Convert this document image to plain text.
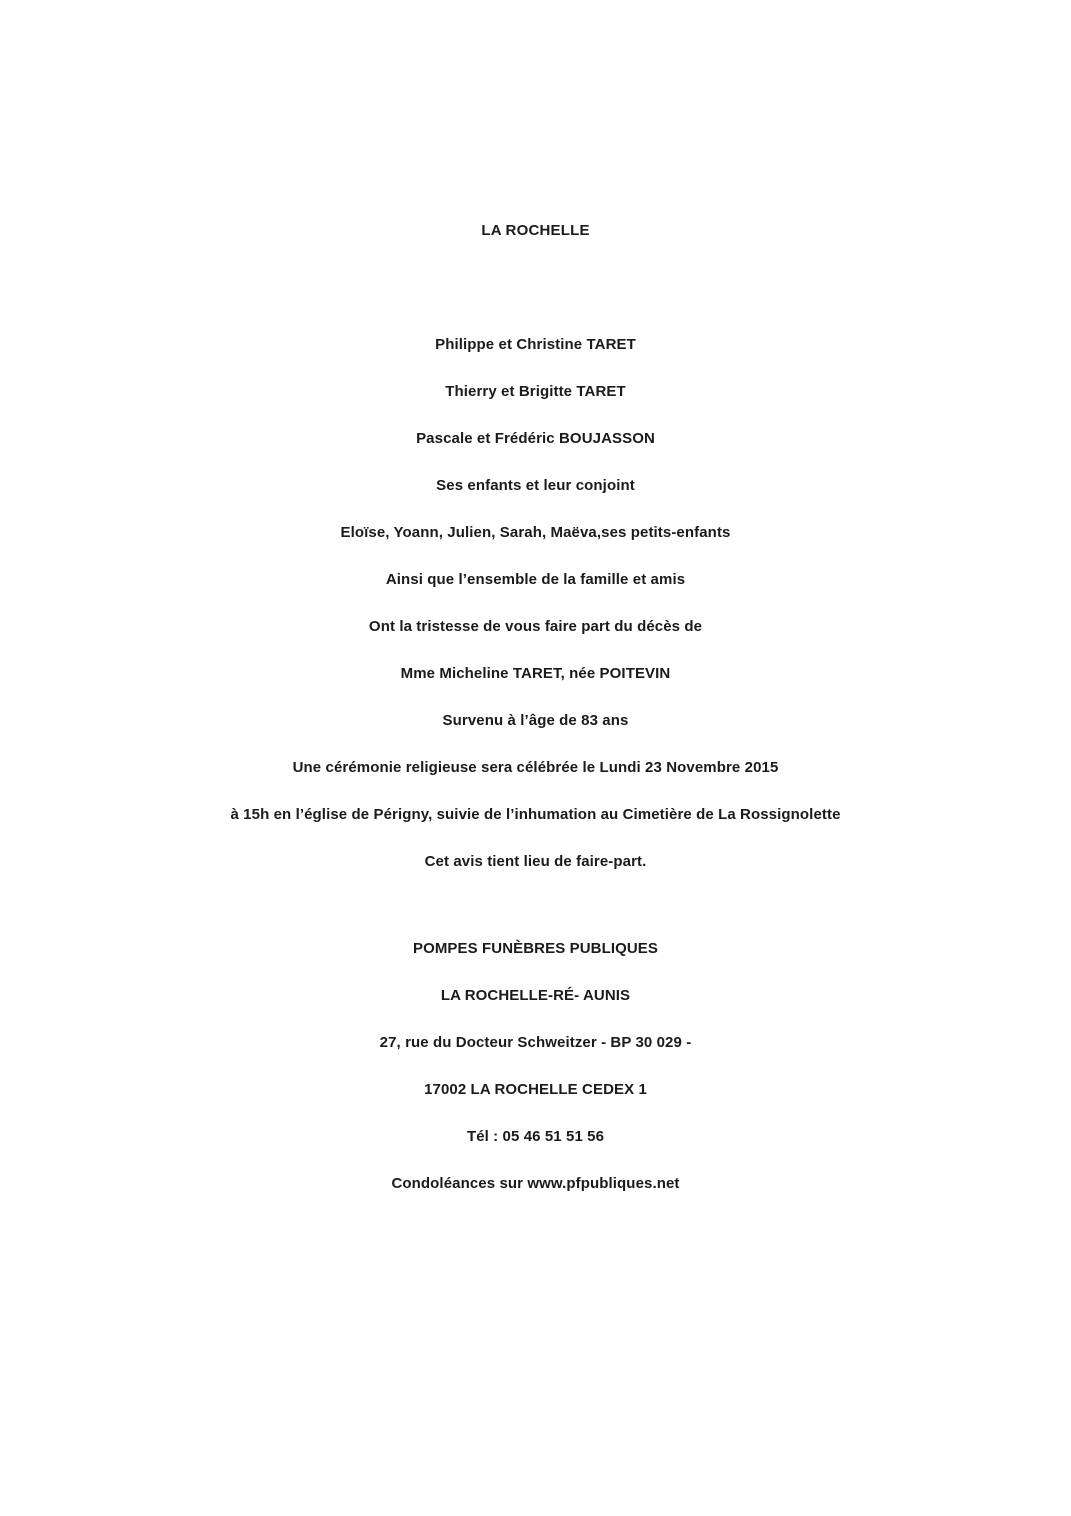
LA ROCHELLE

Philippe et Christine TARET

Thierry et Brigitte TARET

Pascale et Frédéric BOUJASSON

Ses enfants et leur conjoint

Eloïse, Yoann, Julien, Sarah, Maëva,ses petits-enfants

Ainsi que l’ensemble de la famille et amis

Ont la tristesse de vous faire part du décès de

Mme Micheline TARET, née POITEVIN

Survenu à l’âge de 83 ans

Une cérémonie religieuse sera célébrée le Lundi 23 Novembre 2015

à 15h en l’église de Périgny, suivie de l’inhumation au Cimetière de La Rossignolette

Cet avis tient lieu de faire-part.

POMPES FUNÈBRES PUBLIQUES

LA ROCHELLE-RÉ- AUNIS

27, rue du Docteur Schweitzer - BP 30 029 -

17002 LA ROCHELLE CEDEX 1

Tél : 05 46 51 51 56

Condoléances sur www.pfpubliques.net
